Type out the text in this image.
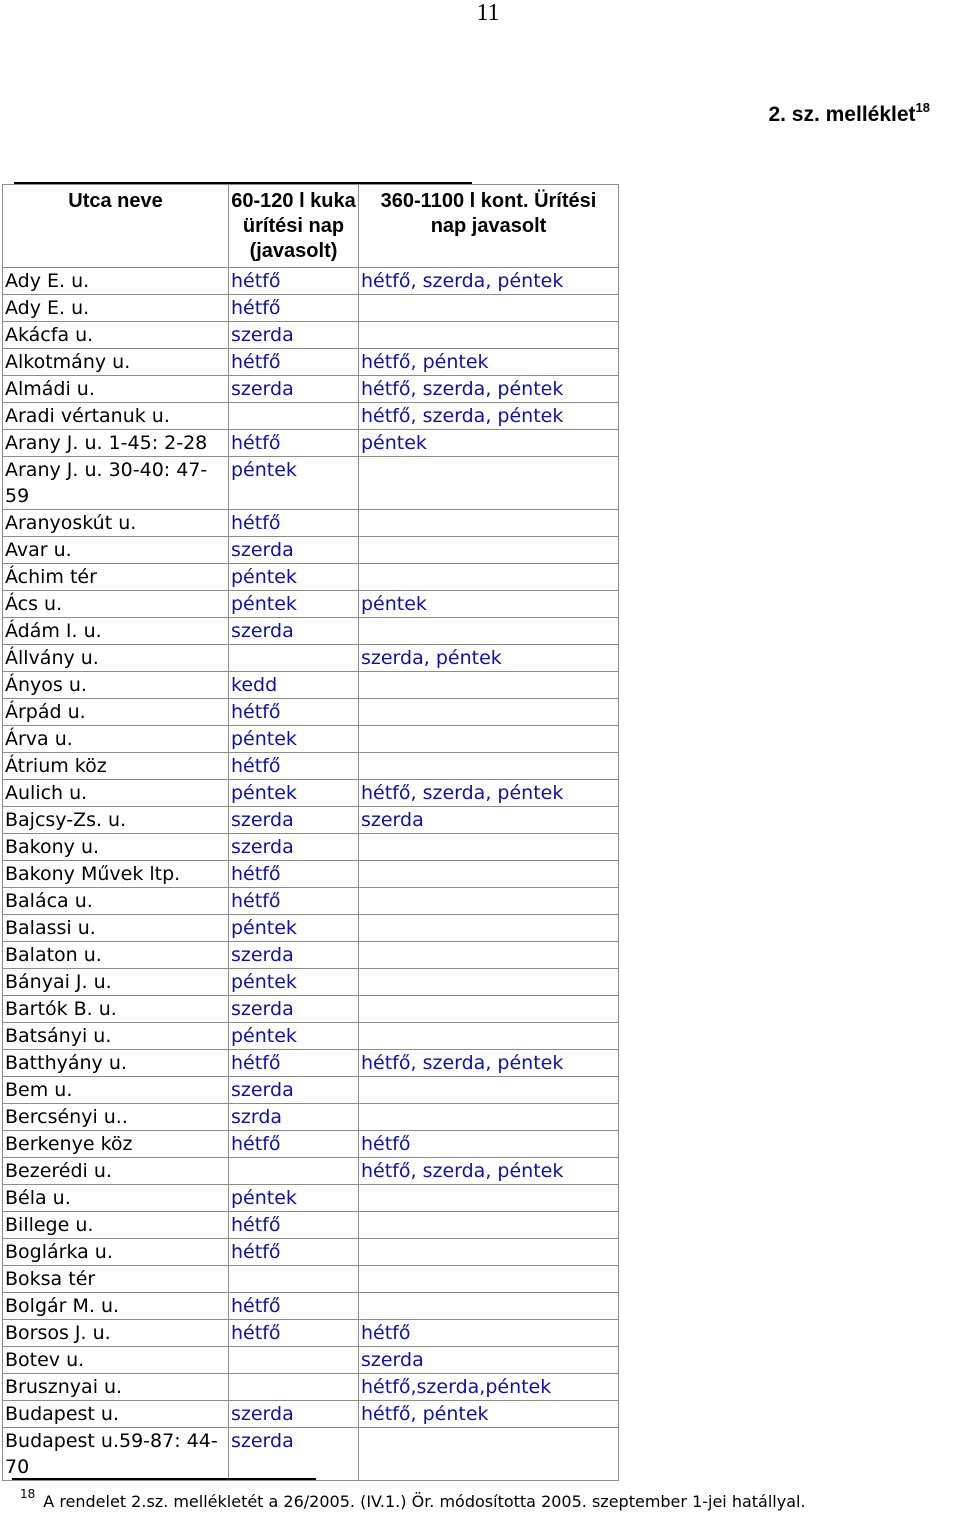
11
2. sz. melléklet$^{18}$
Utca neve	60-120 l kuka ürítési nap (javasolt)	360-1100 l kont. Ürítési nap javasolt
Ady E. u.	hétfő	hétfő, szerda, péntek
Ady E. u.	hétfő	
Akácfa u.	szerda	
Alkotmány u.	hétfő	hétfő, péntek
Almádi u.	szerda	hétfő, szerda, péntek
Aradi vértanuk u.		hétfő, szerda, péntek
Arany J. u. 1-45: 2-28	hétfő	péntek
Arany J. u. 30-40: 47-59	péntek	
Aranyoskút u.	hétfő	
Avar u.	szerda	
Áchim tér	péntek	
Ács u.	péntek	péntek
Ádám I. u.	szerda	
Állvány u.		szerda, péntek
Ányos u.	kedd	
Árpád u.	hétfő	
Árva u.	péntek	
Átrium köz	hétfő	
Aulich u.	péntek	hétfő, szerda, péntek
Bajcsy-Zs. u.	szerda	szerda
Bakony u.	szerda	
Bakony Művek ltp.	hétfő	
Baláca u.	hétfő	
Balassi u.	péntek	
Balaton u.	szerda	
Bányai J. u.	péntek	
Bartók B. u.	szerda	
Batsányi u.	péntek	
Batthyány u.	hétfő	hétfő, szerda, péntek
Bem u.	szerda	
Bercsényi u..	szrda	
Berkenye köz	hétfő	hétfő
Bezerédi u.		hétfő, szerda, péntek
Béla u.	péntek	
Billege u.	hétfő	
Boglárka u.	hétfő	
Boksa tér		
Bolgár M. u.	hétfő	
Borsos J. u.	hétfő	hétfő
Botev u.		szerda
Brusznyai u.		hétfő,szerda,péntek
Budapest u.	szerda	hétfő, péntek
Budapest u.59-87: 44-70	szerda	
$^{18}$ A rendelet 2.sz. mellékletét a 26/2005. (IV.1.) Ör. módosította 2005. szeptember 1-jei hatállyal.
